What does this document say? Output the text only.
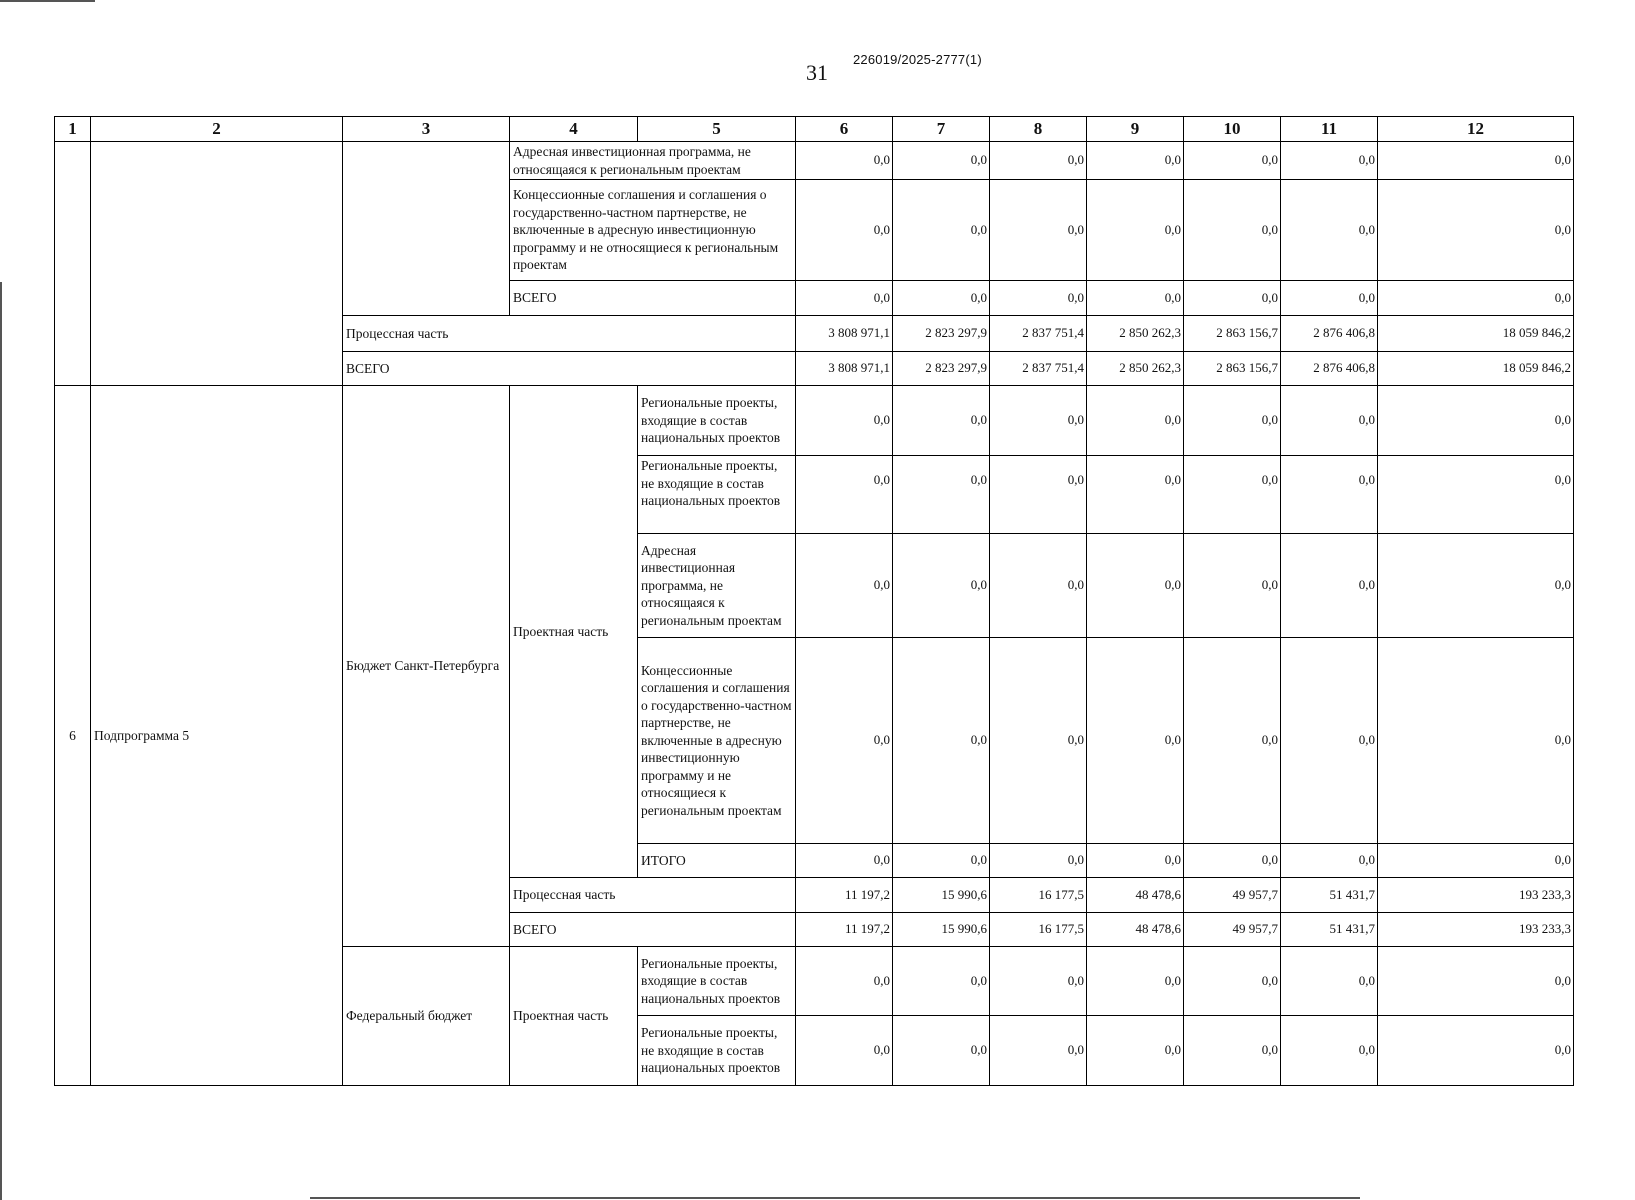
31
226019/2025-2777(1)
1	2	3	4	5	6	7	8	9	10	11	12
			Адресная инвестиционная программа, не относящаяся к региональным проектам		0,0	0,0	0,0	0,0	0,0	0,0	0,0
			Концессионные соглашения и соглашения о государственно-частном партнерстве, не включенные в адресную инвестиционную программу и не относящиеся к региональным проектам		0,0	0,0	0,0	0,0	0,0	0,0	0,0
			ВСЕГО		0,0	0,0	0,0	0,0	0,0	0,0	0,0
		Процессная часть			3 808 971,1	2 823 297,9	2 837 751,4	2 850 262,3	2 863 156,7	2 876 406,8	18 059 846,2
		ВСЕГО			3 808 971,1	2 823 297,9	2 837 751,4	2 850 262,3	2 863 156,7	2 876 406,8	18 059 846,2
6	Подпрограмма 5	Бюджет Санкт-Петербурга	Проектная часть	Региональные проекты, входящие в состав национальных проектов	0,0	0,0	0,0	0,0	0,0	0,0	0,0
				Региональные проекты, не входящие в состав национальных проектов	0,0	0,0	0,0	0,0	0,0	0,0	0,0
				Адресная инвестиционная программа, не относящаяся к региональным проектам	0,0	0,0	0,0	0,0	0,0	0,0	0,0
				Концессионные соглашения и соглашения о государственно-частном партнерстве, не включенные в адресную инвестиционную программу и не относящиеся к региональным проектам	0,0	0,0	0,0	0,0	0,0	0,0	0,0
				ИТОГО	0,0	0,0	0,0	0,0	0,0	0,0	0,0

			Процессная часть		11 197,2	15 990,6	16 177,5	48 478,6	49 957,7	51 431,7	193 233,3
			ВСЕГО		11 197,2	15 990,6	16 177,5	48 478,6	49 957,7	51 431,7	193 233,3
		Федеральный бюджет	Проектная часть	Региональные проекты, входящие в состав национальных проектов	0,0	0,0	0,0	0,0	0,0	0,0	0,0
				Региональные проекты, не входящие в состав национальных проектов	0,0	0,0	0,0	0,0	0,0	0,0	0,0
